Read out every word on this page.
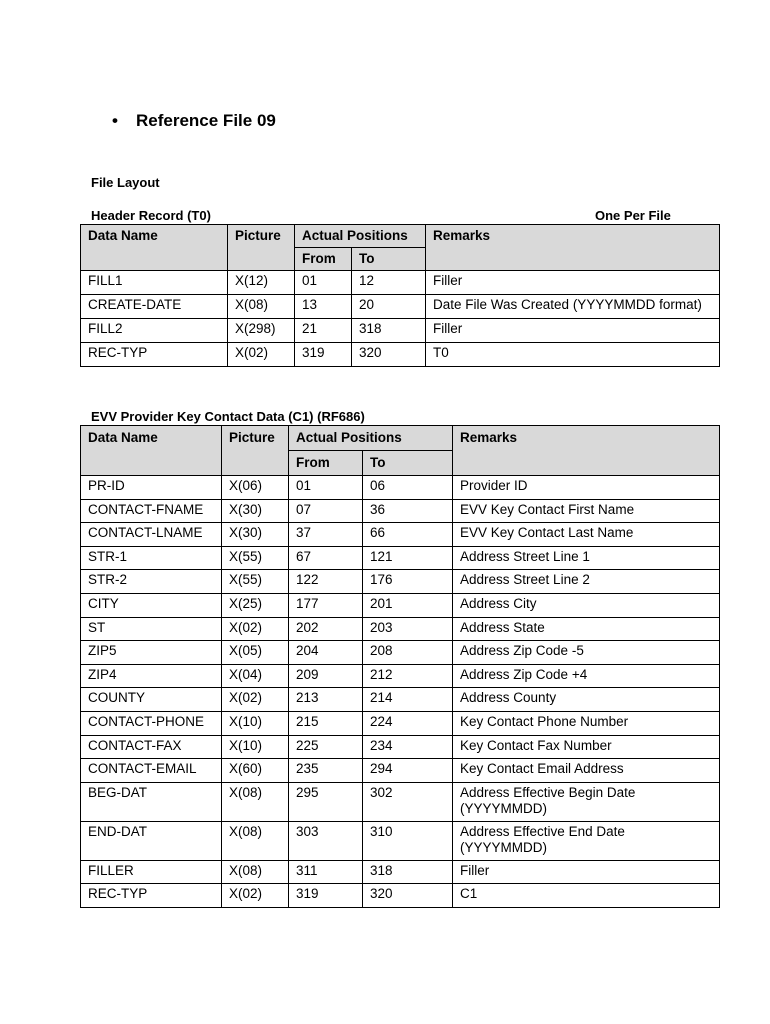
• Reference File 09
File Layout
Header Record (T0)	One Per File
Data Name	Picture	Actual Positions		Remarks
		From	To	
FILL1	X(12)	01	12	Filler
CREATE-DATE	X(08)	13	20	Date File Was Created (YYYYMMDD format)
FILL2	X(298)	21	318	Filler
REC-TYP	X(02)	319	320	T0
EVV Provider Key Contact Data (C1) (RF686)
Data Name	Picture	Actual Positions		Remarks
		From	To	
PR-ID	X(06)	01	06	Provider ID
CONTACT-FNAME	X(30)	07	36	EVV Key Contact First Name
CONTACT-LNAME	X(30)	37	66	EVV Key Contact Last Name
STR-1	X(55)	67	121	Address Street Line 1
STR-2	X(55)	122	176	Address Street Line 2
CITY	X(25)	177	201	Address City
ST	X(02)	202	203	Address State
ZIP5	X(05)	204	208	Address Zip Code -5
ZIP4	X(04)	209	212	Address Zip Code +4
COUNTY	X(02)	213	214	Address County
CONTACT-PHONE	X(10)	215	224	Key Contact Phone Number
CONTACT-FAX	X(10)	225	234	Key Contact Fax Number
CONTACT-EMAIL	X(60)	235	294	Key Contact Email Address
BEG-DAT	X(08)	295	302	Address Effective Begin Date (YYYYMMDD)
END-DAT	X(08)	303	310	Address Effective End Date (YYYYMMDD)
FILLER	X(08)	311	318	Filler
REC-TYP	X(02)	319	320	C1
